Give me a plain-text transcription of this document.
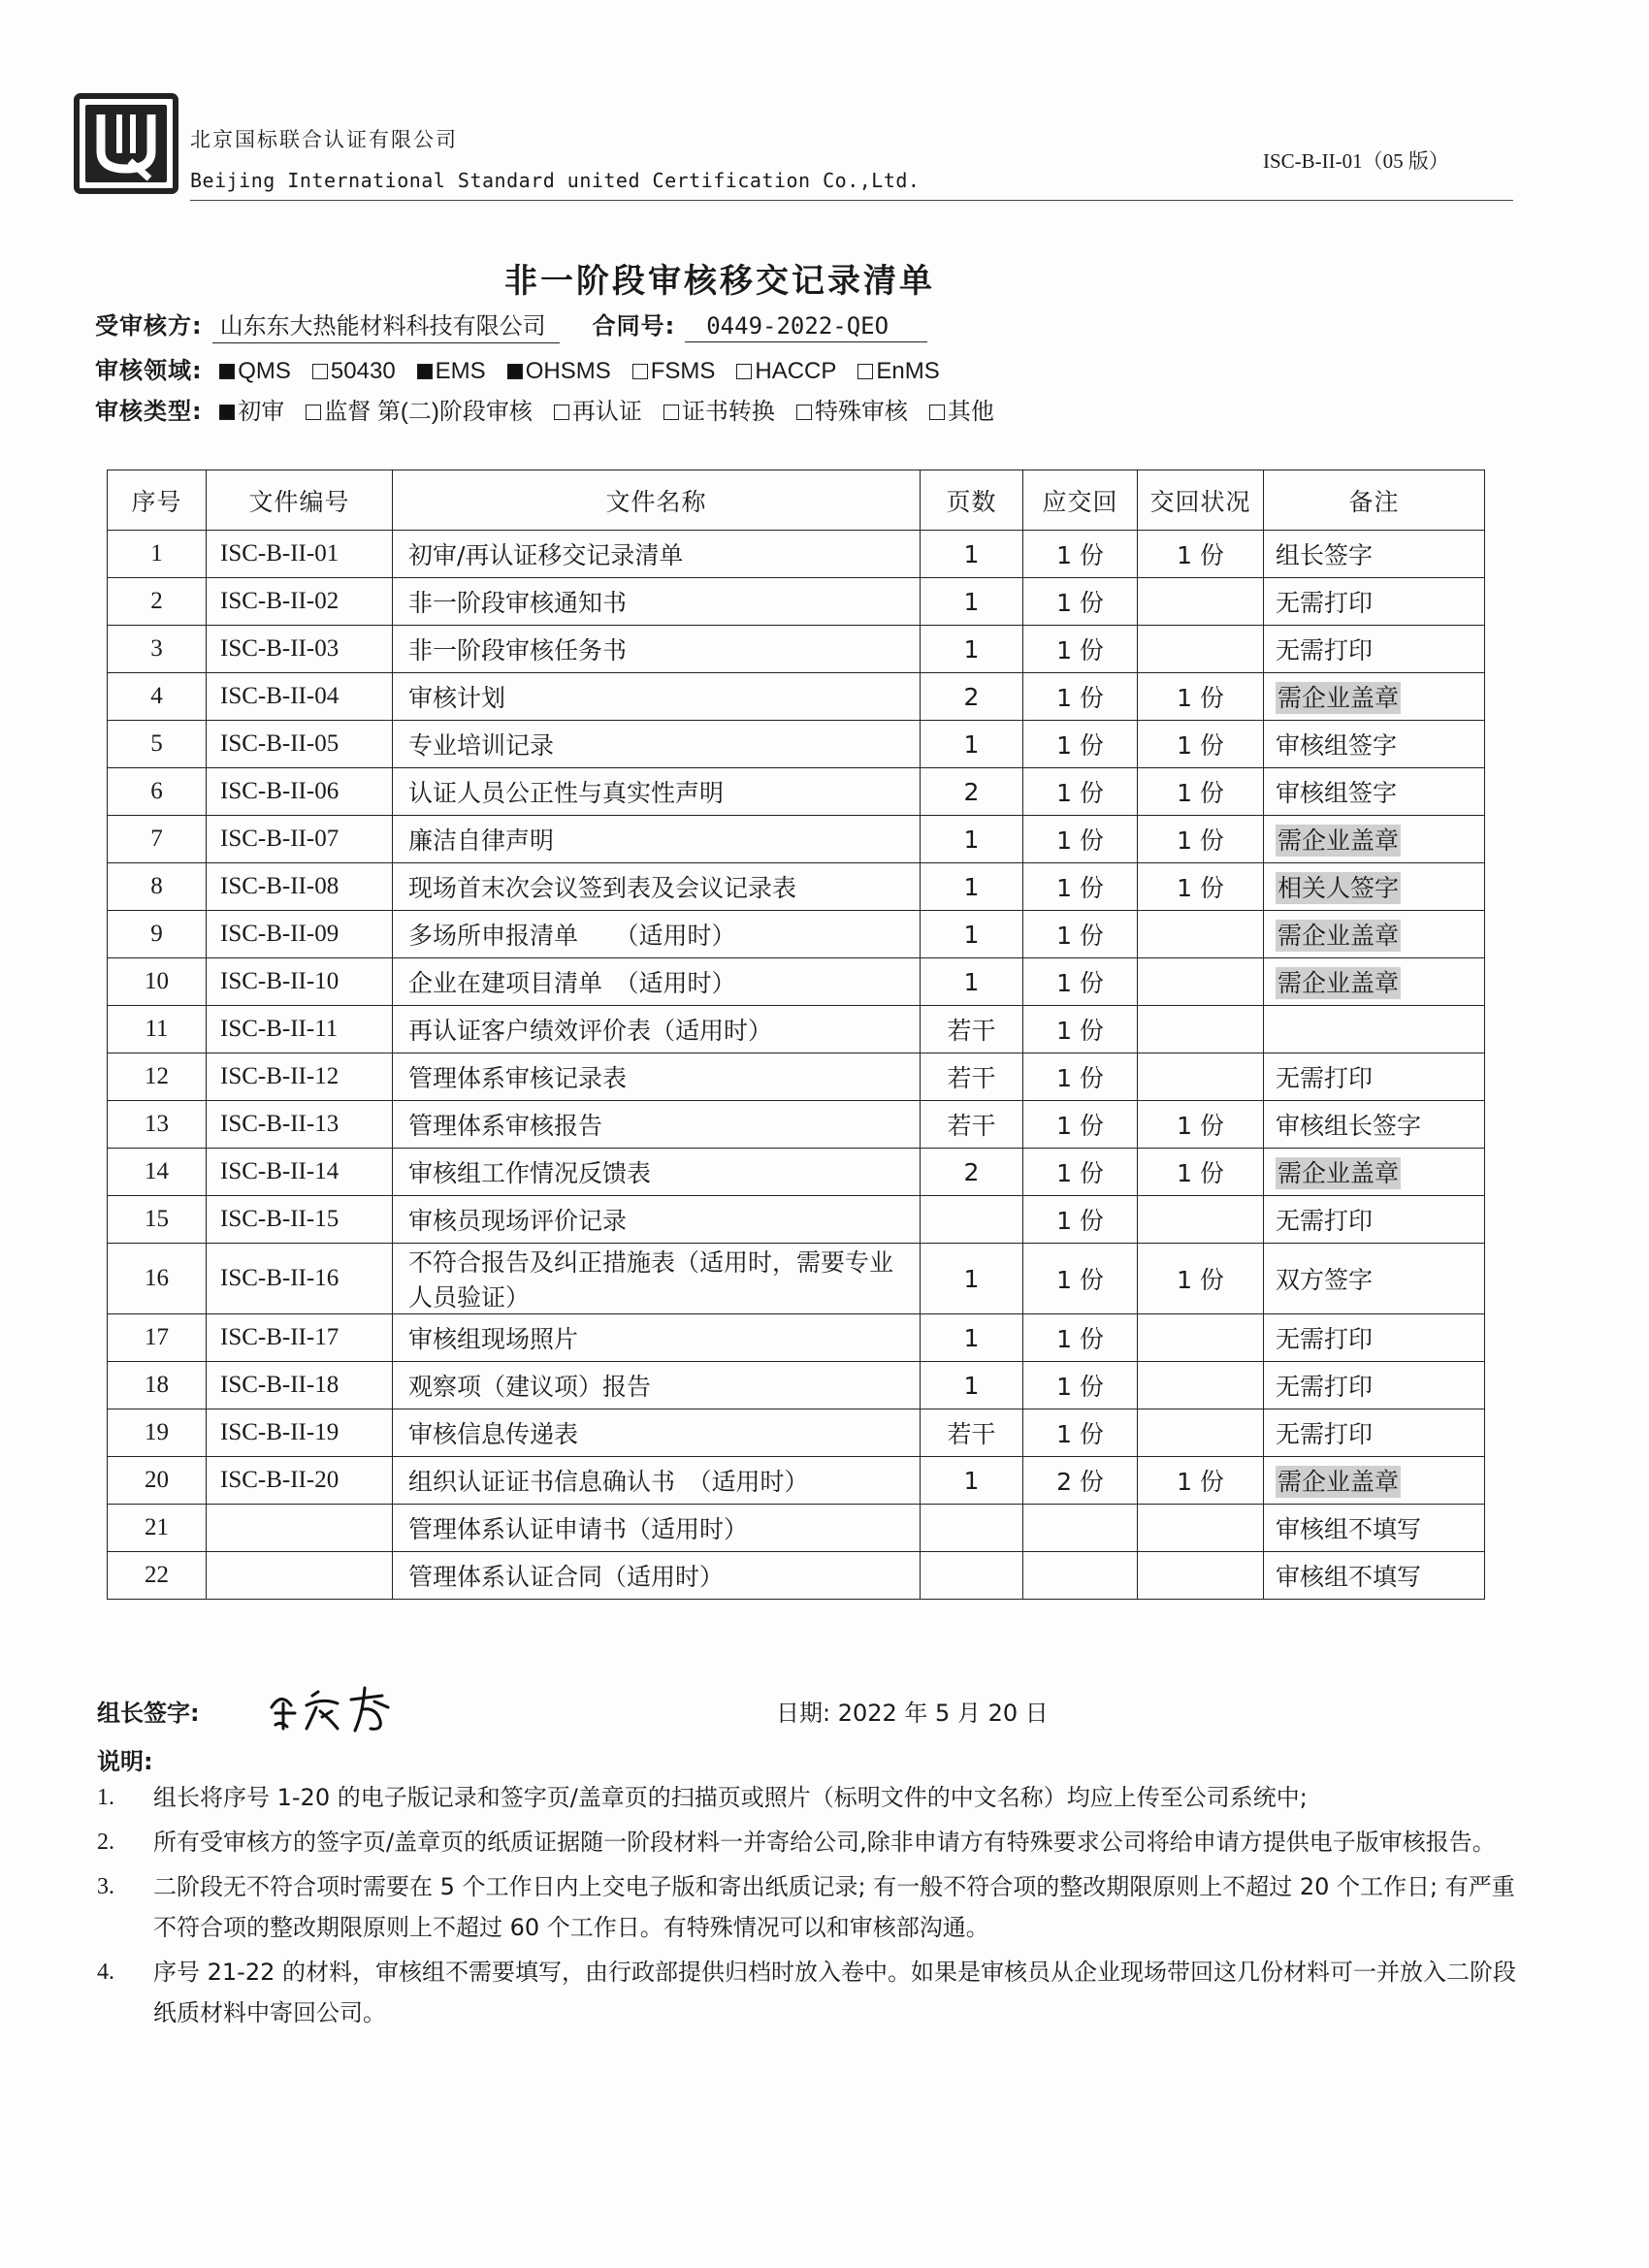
北京国标联合认证有限公司
Beijing International Standard united Certification Co.,Ltd.
ISC-B-II-01（05 版）
非一阶段审核移交记录清单
受审核方: 山东东大热能材料科技有限公司 合同号: 0449-2022-QEO
审核领域: QMS 50430 EMS OHSMS FSMS HACCP EnMS
审核类型: 初审 监督 第(二)阶段审核 再认证 证书转换 特殊审核 其他
序号	文件编号	文件名称	页数	应交回	交回状况	备注
1	ISC-B-II-01	初审/再认证移交记录清单	1	1 份	1 份	组长签字
2	ISC-B-II-02	非一阶段审核通知书	1	1 份		无需打印
3	ISC-B-II-03	非一阶段审核任务书	1	1 份		无需打印
4	ISC-B-II-04	审核计划	2	1 份	1 份	需企业盖章
5	ISC-B-II-05	专业培训记录	1	1 份	1 份	审核组签字
6	ISC-B-II-06	认证人员公正性与真实性声明	2	1 份	1 份	审核组签字
7	ISC-B-II-07	廉洁自律声明	1	1 份	1 份	需企业盖章
8	ISC-B-II-08	现场首末次会议签到表及会议记录表	1	1 份	1 份	相关人签字
9	ISC-B-II-09	多场所申报清单　　（适用时）	1	1 份		需企业盖章
10	ISC-B-II-10	企业在建项目清单　（适用时）	1	1 份		需企业盖章
11	ISC-B-II-11	再认证客户绩效评价表（适用时）	若干	1 份		
12	ISC-B-II-12	管理体系审核记录表	若干	1 份		无需打印
13	ISC-B-II-13	管理体系审核报告	若干	1 份	1 份	审核组长签字
14	ISC-B-II-14	审核组工作情况反馈表	2	1 份	1 份	需企业盖章
15	ISC-B-II-15	审核员现场评价记录		1 份		无需打印
16	ISC-B-II-16	不符合报告及纠正措施表（适用时，需要专业人员验证）	1	1 份	1 份	双方签字
17	ISC-B-II-17	审核组现场照片	1	1 份		无需打印
18	ISC-B-II-18	观察项（建议项）报告	1	1 份		无需打印
19	ISC-B-II-19	审核信息传递表	若干	1 份		无需打印
20	ISC-B-II-20	组织认证证书信息确认书　（适用时）	1	2 份	1 份	需企业盖章
21		管理体系认证申请书（适用时）				审核组不填写
22		管理体系认证合同（适用时）				审核组不填写
组长签字:	日期: 2022 年 5 月 20 日
说明:
1.	组长将序号 1-20 的电子版记录和签字页/盖章页的扫描页或照片（标明文件的中文名称）均应上传至公司系统中;
2.	所有受审核方的签字页/盖章页的纸质证据随一阶段材料一并寄给公司,除非申请方有特殊要求公司将给申请方提供电子版审核报告。
3.	二阶段无不符合项时需要在 5 个工作日内上交电子版和寄出纸质记录; 有一般不符合项的整改期限原则上不超过 20 个工作日; 有严重不符合项的整改期限原则上不超过 60 个工作日。有特殊情况可以和审核部沟通。
4.	序号 21-22 的材料，审核组不需要填写，由行政部提供归档时放入卷中。如果是审核员从企业现场带回这几份材料可一并放入二阶段纸质材料中寄回公司。
